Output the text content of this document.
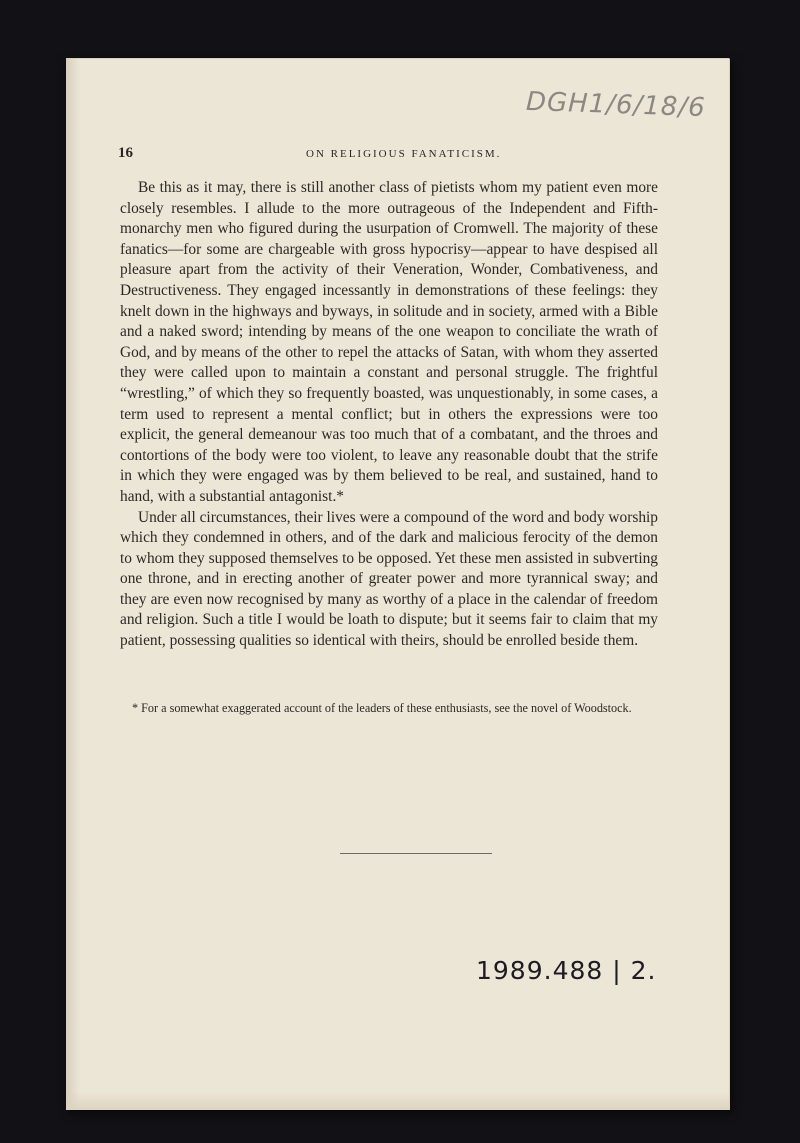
DGH1/6/18/6
16	ON RELIGIOUS FANATICISM.

Be this as it may, there is still another class of pietists whom my patient even more closely resembles. I allude to the more outrageous of the Independent and Fifth-monarchy men who figured during the usurpation of Cromwell. The majority of these fanatics—for some are chargeable with gross hypocrisy—appear to have despised all pleasure apart from the activity of their Veneration, Wonder, Combativeness, and Destructiveness. They engaged incessantly in demonstrations of these feelings: they knelt down in the highways and byways, in solitude and in society, armed with a Bible and a naked sword; intending by means of the one weapon to conciliate the wrath of God, and by means of the other to repel the attacks of Satan, with whom they asserted they were called upon to maintain a constant and personal struggle. The frightful “wrestling,” of which they so frequently boasted, was unquestionably, in some cases, a term used to represent a mental conflict; but in others the expressions were too explicit, the general demeanour was too much that of a combatant, and the throes and contortions of the body were too violent, to leave any reasonable doubt that the strife in which they were engaged was by them believed to be real, and sustained, hand to hand, with a substantial antagonist.*

Under all circumstances, their lives were a compound of the word and body worship which they condemned in others, and of the dark and malicious ferocity of the demon to whom they supposed themselves to be opposed. Yet these men assisted in subverting one throne, and in erecting another of greater power and more tyrannical sway; and they are even now recognised by many as worthy of a place in the calendar of freedom and religion. Such a title I would be loath to dispute; but it seems fair to claim that my patient, possessing qualities so identical with theirs, should be enrolled beside them.

* For a somewhat exaggerated account of the leaders of these enthusiasts, see the novel of Woodstock.
1989.488 | 2.
